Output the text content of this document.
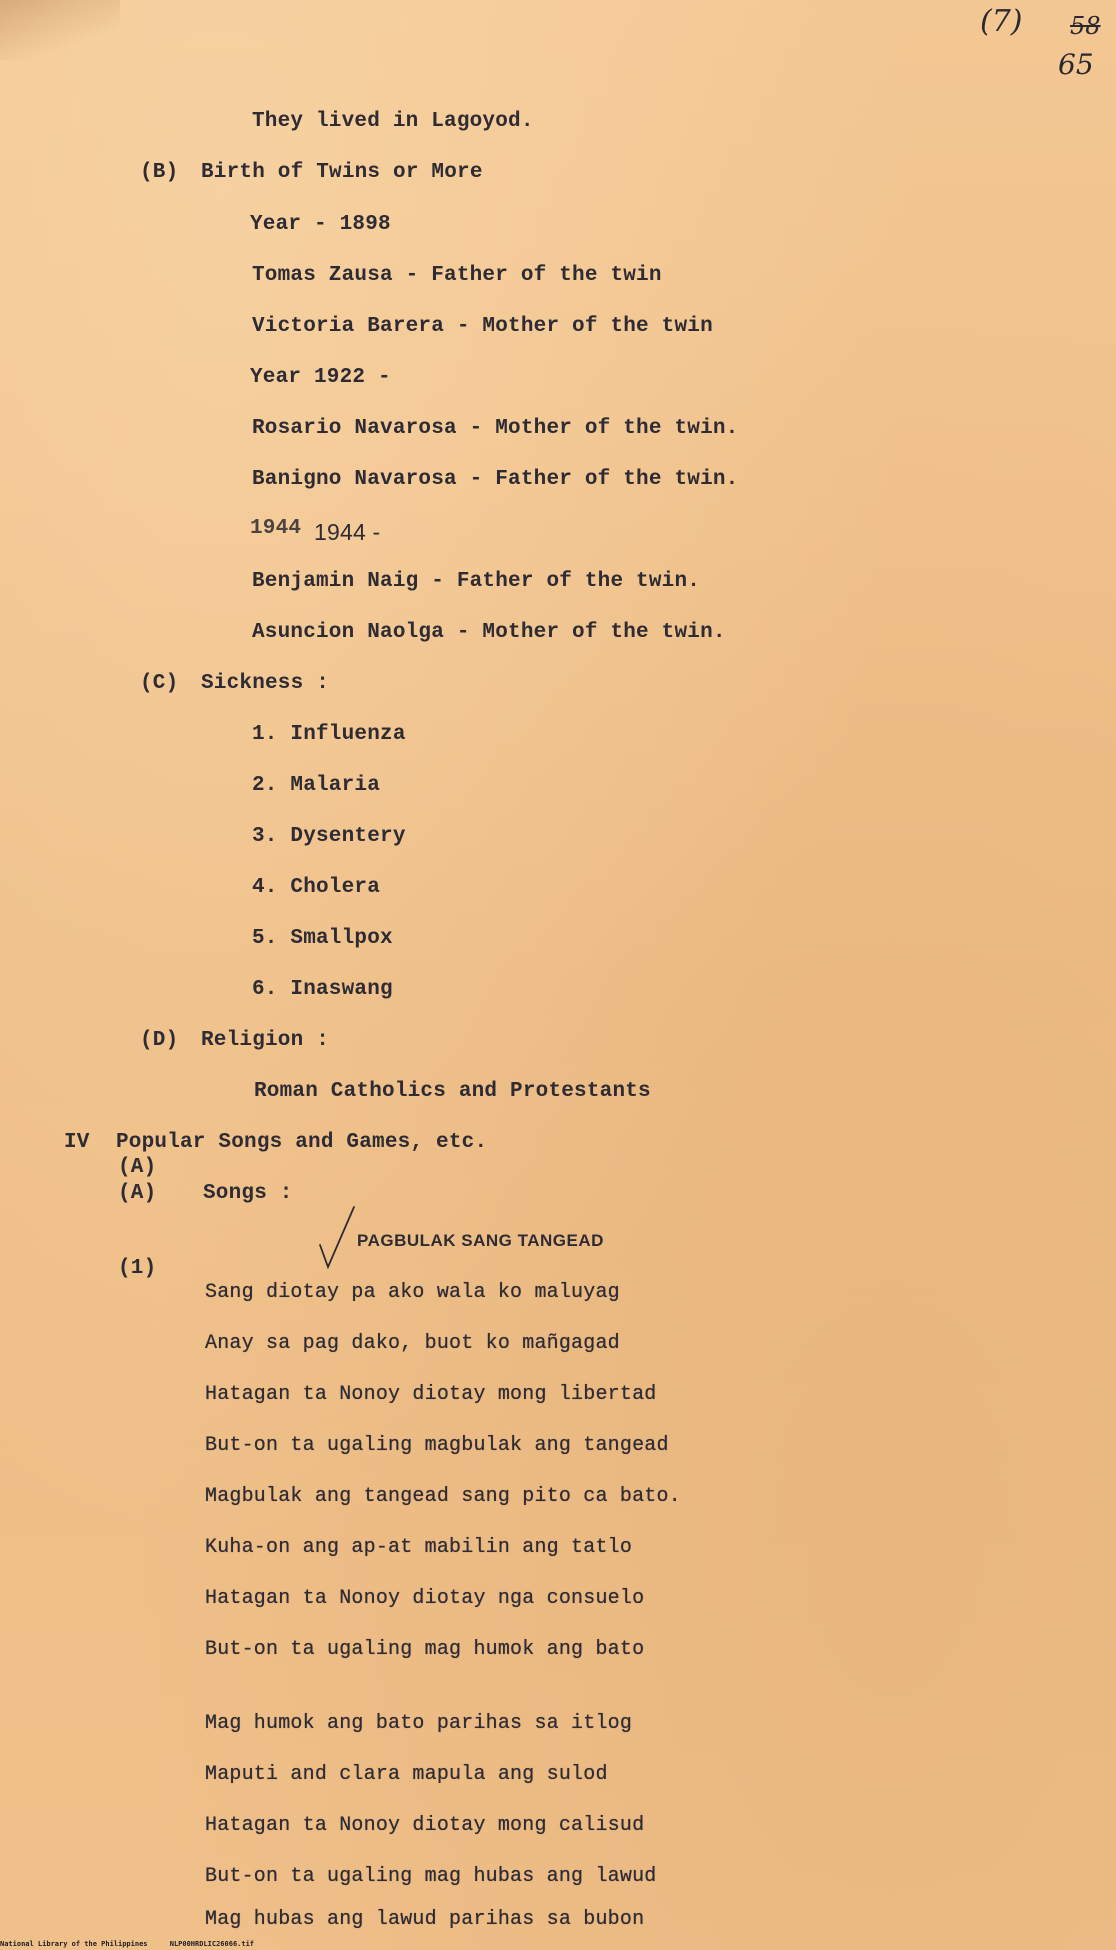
(7) 58
65
They lived in Lagoyod.
(B) Birth of Twins or More
Year - 1898
Tomas Zausa - Father of the twin
Victoria Barera - Mother of the twin
Year 1922 -
Rosario Navarosa - Mother of the twin.
Banigno Navarosa - Father of the twin.
1944 1944 -
Benjamin Naig - Father of the twin.
Asuncion Naolga - Mother of the twin.
(C) Sickness :
1. Influenza
2. Malaria
3. Dysentery
4. Cholera
5. Smallpox
6. Inaswang
(D) Religion :
Roman Catholics and Protestants
IV Popular Songs and Games, etc.
(A)
(A) Songs :
PAGBULAK SANG TANGEAD
(1)
Sang diotay pa ako wala ko maluyag
Anay sa pag dako, buot ko mañgagad
Hatagan ta Nonoy diotay mong libertad
But-on ta ugaling magbulak ang tangead
Magbulak ang tangead sang pito ca bato.
Kuha-on ang ap-at mabilin ang tatlo
Hatagan ta Nonoy diotay nga consuelo
But-on ta ugaling mag humok ang bato
Mag humok ang bato parihas sa itlog
Maputi and clara mapula ang sulod
Hatagan ta Nonoy diotay mong calisud
But-on ta ugaling mag hubas ang lawud
Mag hubas ang lawud parihas sa bubon
National Library of the Philippines	NLP00HRDLIC26066.tif
